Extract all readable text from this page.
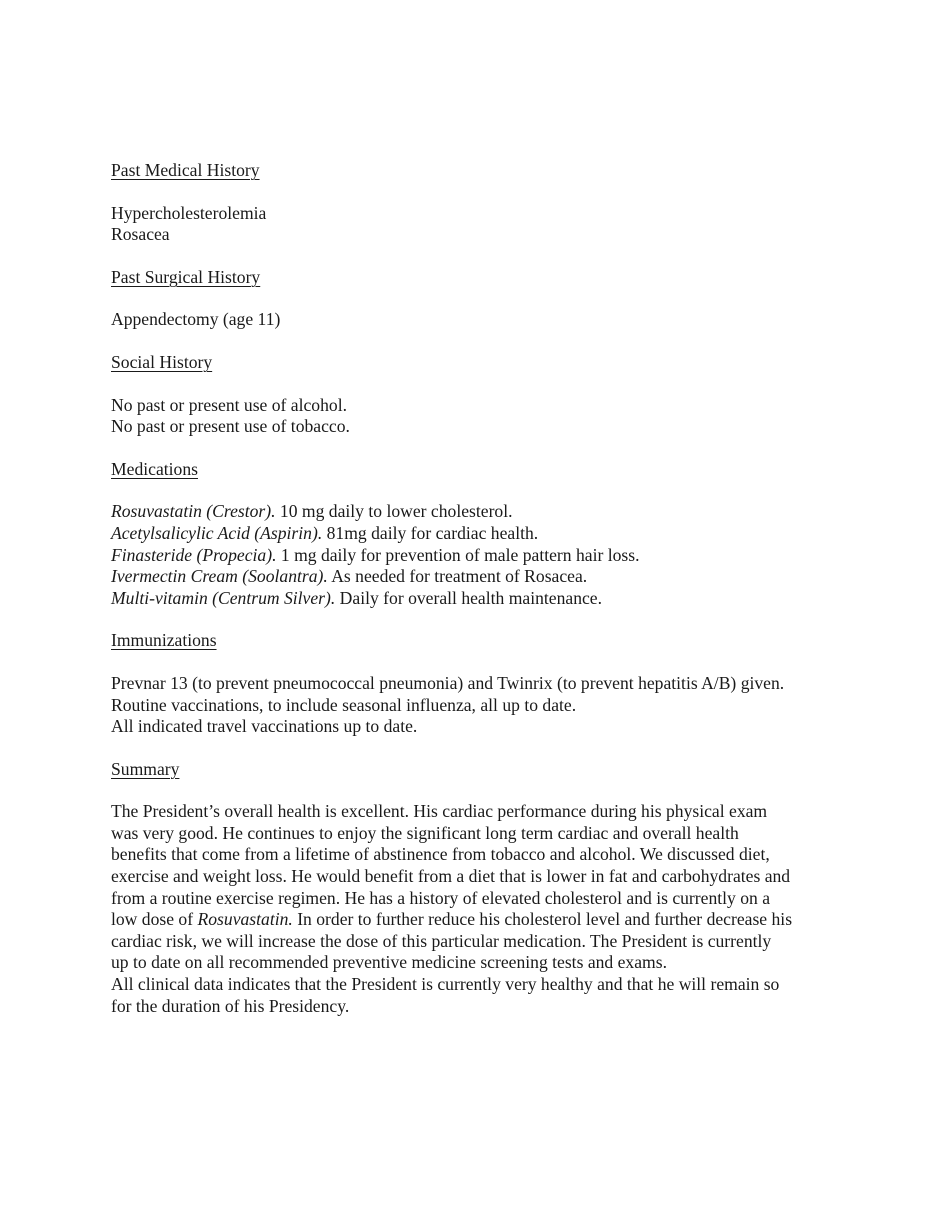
Past Medical History

Hypercholesterolemia
Rosacea

Past Surgical History

Appendectomy (age 11)

Social History

No past or present use of alcohol.
No past or present use of tobacco.

Medications

Rosuvastatin (Crestor). 10 mg daily to lower cholesterol.
Acetylsalicylic Acid (Aspirin). 81mg daily for cardiac health.
Finasteride (Propecia). 1 mg daily for prevention of male pattern hair loss.
Ivermectin Cream (Soolantra). As needed for treatment of Rosacea.
Multi-vitamin (Centrum Silver). Daily for overall health maintenance.

Immunizations

Prevnar 13 (to prevent pneumococcal pneumonia) and Twinrix (to prevent hepatitis A/B) given.
Routine vaccinations, to include seasonal influenza, all up to date.
All indicated travel vaccinations up to date.

Summary

The President’s overall health is excellent. His cardiac performance during his physical exam

was very good. He continues to enjoy the significant long term cardiac and overall health

benefits that come from a lifetime of abstinence from tobacco and alcohol. We discussed diet,

exercise and weight loss. He would benefit from a diet that is lower in fat and carbohydrates and

from a routine exercise regimen. He has a history of elevated cholesterol and is currently on a

low dose of Rosuvastatin. In order to further reduce his cholesterol level and further decrease his

cardiac risk, we will increase the dose of this particular medication. The President is currently

up to date on all recommended preventive medicine screening tests and exams.

All clinical data indicates that the President is currently very healthy and that he will remain so

for the duration of his Presidency.
